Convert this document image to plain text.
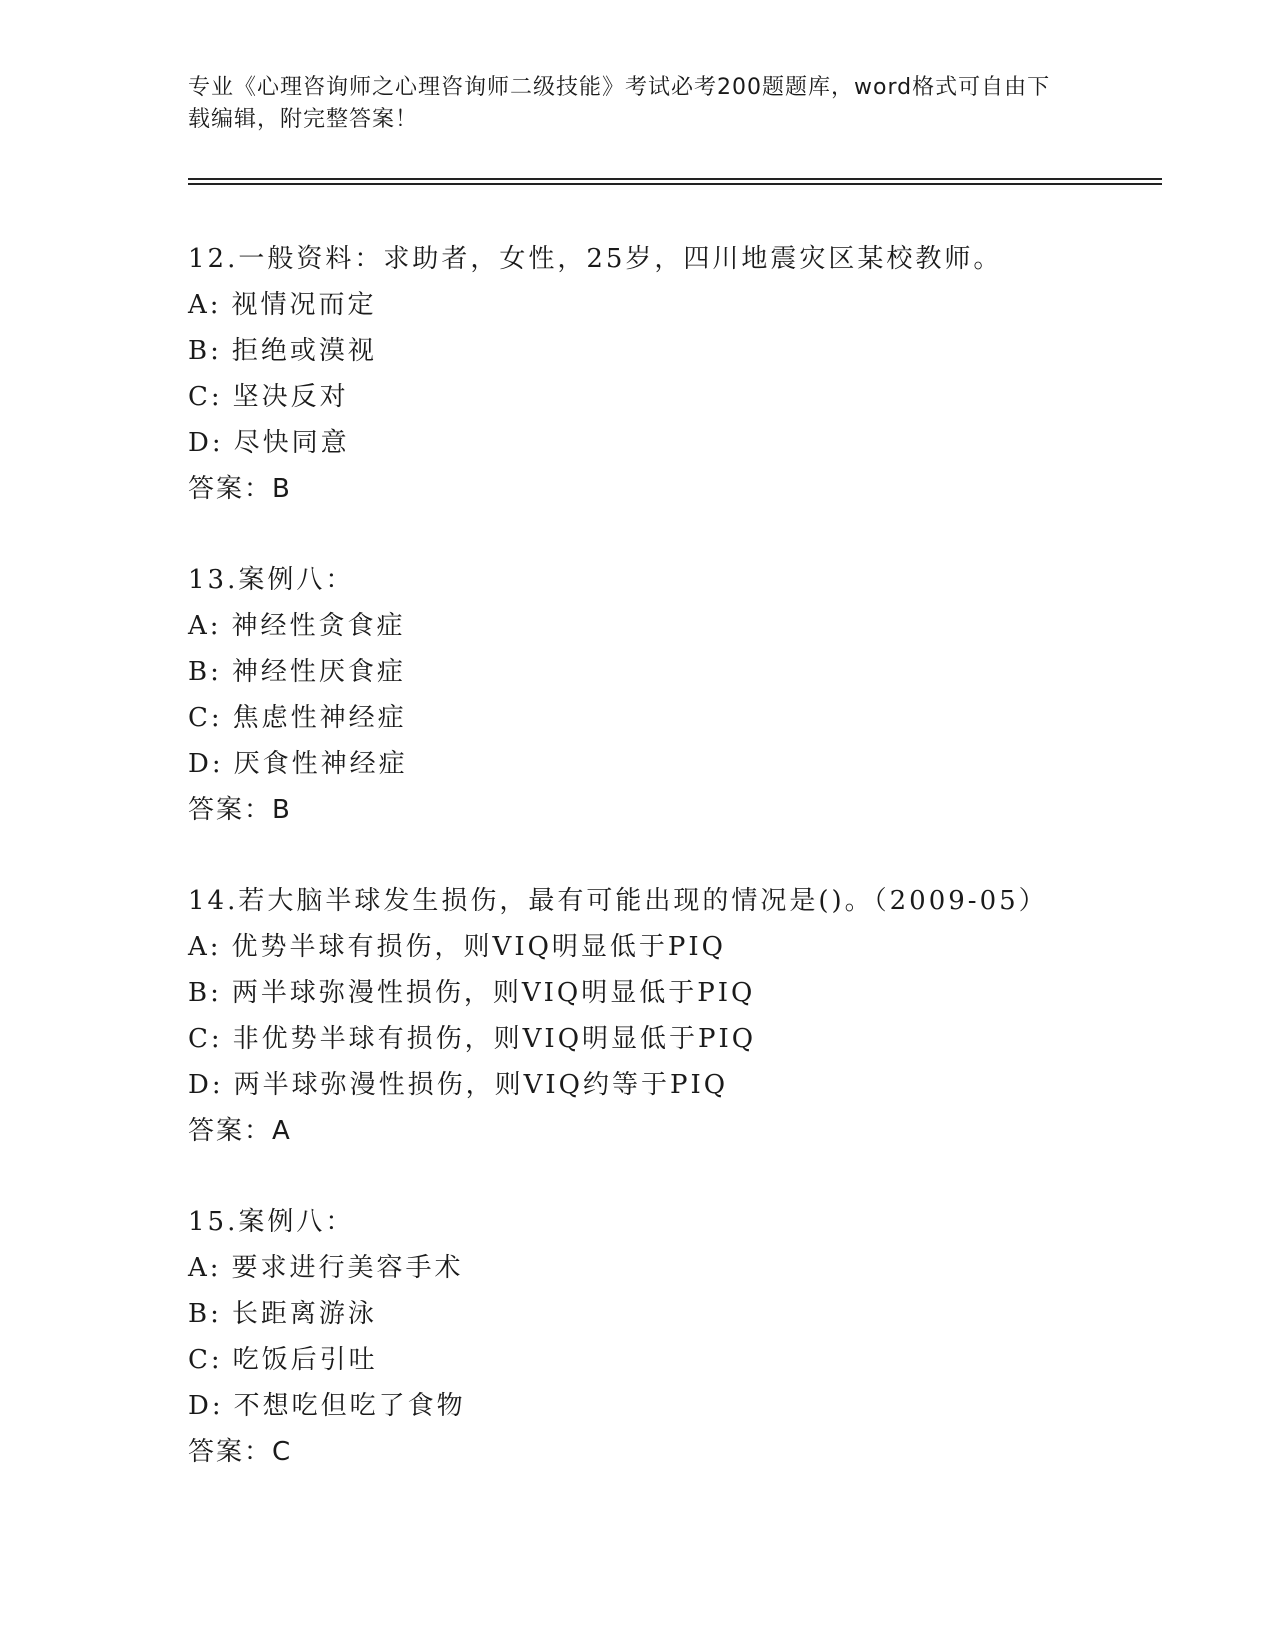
专业《心理咨询师之心理咨询师二级技能》考试必考200题题库，word格式可自由下载编辑，附完整答案！
12.一般资料：求助者，女性，25岁，四川地震灾区某校教师。
A: 视情况而定
B: 拒绝或漠视
C: 坚决反对
D: 尽快同意
答案：B
13.案例八：
A: 神经性贪食症
B: 神经性厌食症
C: 焦虑性神经症
D: 厌食性神经症
答案：B
14.若大脑半球发生损伤，最有可能出现的情况是()。（2009-05）
A: 优势半球有损伤，则VIQ明显低于PIQ
B: 两半球弥漫性损伤，则VIQ明显低于PIQ
C: 非优势半球有损伤，则VIQ明显低于PIQ
D: 两半球弥漫性损伤，则VIQ约等于PIQ
答案：A
15.案例八：
A: 要求进行美容手术
B: 长距离游泳
C: 吃饭后引吐
D: 不想吃但吃了食物
答案：C
